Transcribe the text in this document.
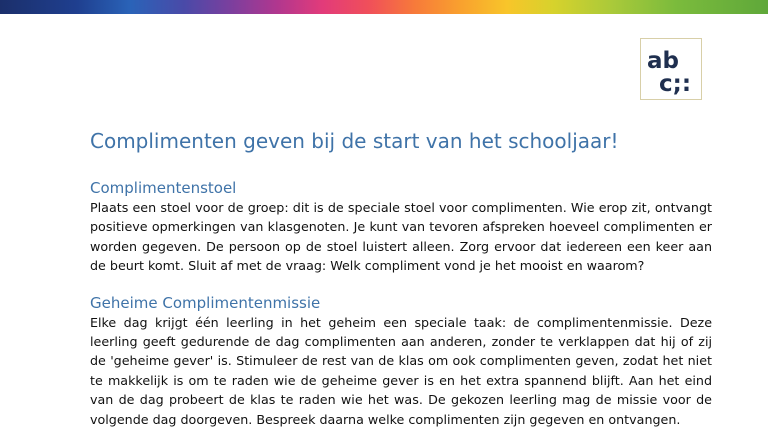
ab
c;:
Complimenten geven bij de start van het schooljaar!
Complimentenstoel

Plaats een stoel voor de groep: dit is de speciale stoel voor complimenten. Wie erop zit, ontvangt positieve opmerkingen van klasgenoten. Je kunt van tevoren afspreken hoeveel complimenten er worden gegeven. De persoon op de stoel luistert alleen. Zorg ervoor dat iedereen een keer aan de beurt komt. Sluit af met de vraag: Welk compliment vond je het mooist en waarom?

Geheime Complimentenmissie

Elke dag krijgt één leerling in het geheim een speciale taak: de complimentenmissie. Deze leerling geeft gedurende de dag complimenten aan anderen, zonder te verklappen dat hij of zij de 'geheime gever' is. Stimuleer de rest van de klas om ook complimenten geven, zodat het niet te makkelijk is om te raden wie de geheime gever is en het extra spannend blijft. Aan het eind van de dag probeert de klas te raden wie het was. De gekozen leerling mag de missie voor de volgende dag doorgeven. Bespreek daarna welke complimenten zijn gegeven en ontvangen.
